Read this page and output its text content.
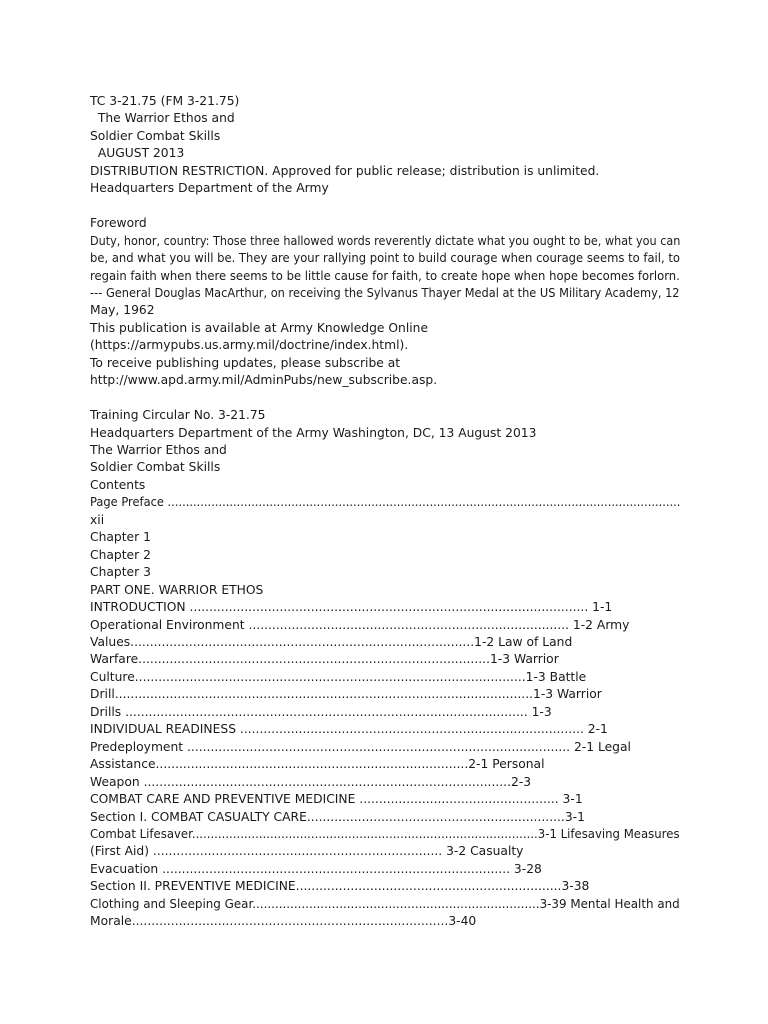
TC 3-21.75 (FM 3-21.75)
The Warrior Ethos and
Soldier Combat Skills
AUGUST 2013
DISTRIBUTION RESTRICTION. Approved for public release; distribution is unlimited.
Headquarters Department of the Army
Foreword
Duty, honor, country: Those three hallowed words reverently dictate what you ought to be, what you can
be, and what you will be. They are your rallying point to build courage when courage seems to fail, to
regain faith when there seems to be little cause for faith, to create hope when hope becomes forlorn.
--- General Douglas MacArthur, on receiving the Sylvanus Thayer Medal at the US Military Academy, 12
May, 1962
This publication is available at Army Knowledge Online
(https://armypubs.us.army.mil/doctrine/index.html).
To receive publishing updates, please subscribe at
http://www.apd.army.mil/AdminPubs/new_subscribe.asp.
Training Circular No. 3-21.75
Headquarters Department of the Army Washington, DC, 13 August 2013
The Warrior Ethos and
Soldier Combat Skills
Contents
Page Preface .............................................................................................................................................
xii
Chapter 1
Chapter 2
Chapter 3
PART ONE. WARRIOR ETHOS
INTRODUCTION ...................................................................................................... 1-1
Operational Environment .................................................................................. 1-2 Army
Values........................................................................................1-2 Law of Land
Warfare..........................................................................................1-3 Warrior
Culture....................................................................................................1-3 Battle
Drill...........................................................................................................1-3 Warrior
Drills ....................................................................................................... 1-3
INDIVIDUAL READINESS ........................................................................................ 2-1
Predeployment .................................................................................................. 2-1 Legal
Assistance................................................................................2-1 Personal
Weapon ..............................................................................................2-3
COMBAT CARE AND PREVENTIVE MEDICINE ................................................... 3-1
Section I. COMBAT CASUALTY CARE..................................................................3-1
Combat Lifesaver.............................................................................................3-1 Lifesaving Measures
(First Aid) .......................................................................... 3-2 Casualty
Evacuation ......................................................................................... 3-28
Section II. PREVENTIVE MEDICINE....................................................................3-38
Clothing and Sleeping Gear............................................................................3-39 Mental Health and
Morale.................................................................................3-40
